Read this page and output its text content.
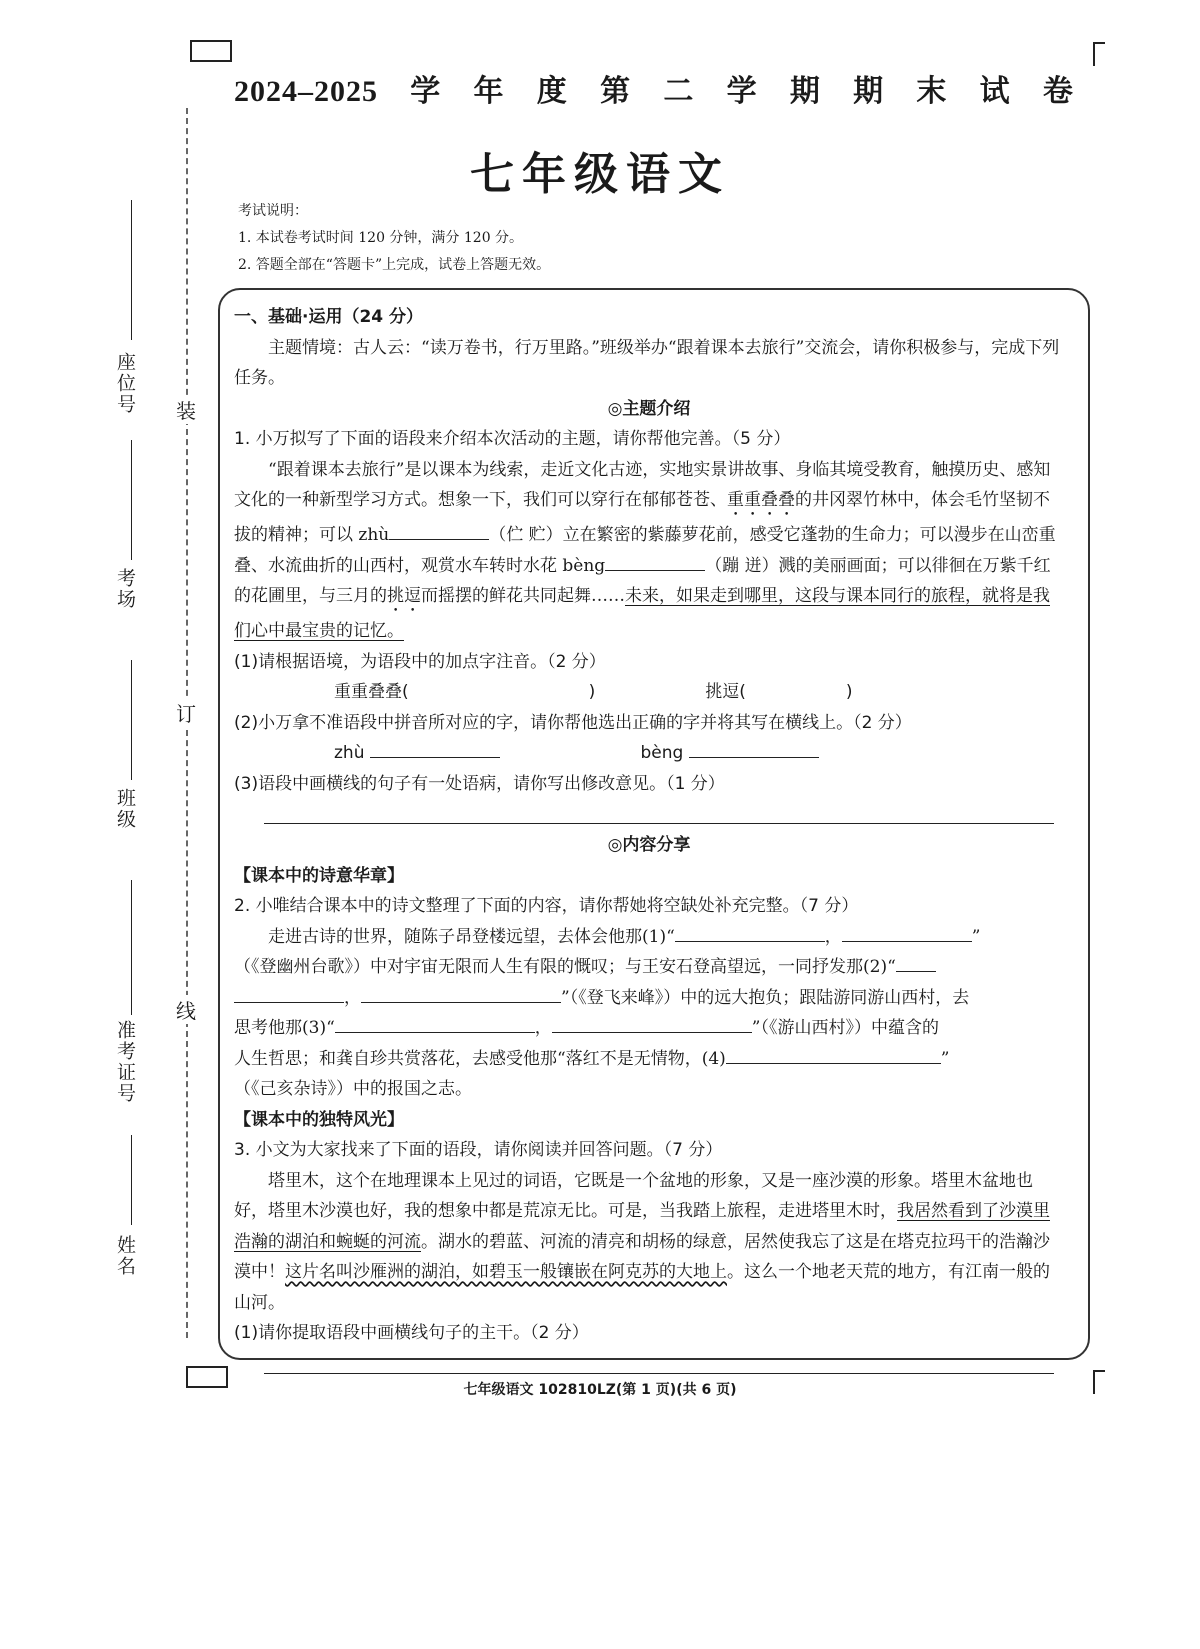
2024–2025 学 年 度 第 二 学 期 期 末 试 卷
七年级语文
考试说明：
1. 本试卷考试时间 120 分钟，满分 120 分。
2. 答题全部在“答题卡”上完成，试卷上答题无效。
装
订
线
座位号
考场
班级
准考证号
姓名

一、基础·运用（24 分）

主题情境：古人云：“读万卷书，行万里路。”班级举办“跟着课本去旅行”交流会，请你积极参与，完成下列任务。

◎主题介绍

1. 小万拟写了下面的语段来介绍本次活动的主题，请你帮他完善。（5 分）

“跟着课本去旅行”是以课本为线索，走近文化古迹，实地实景讲故事、身临其境受教育，触摸历史、感知文化的一种新型学习方式。想象一下，我们可以穿行在郁郁苍苍、重重叠叠的井冈翠竹林中，体会毛竹坚韧不拔的精神；可以 zhù	（伫 贮）立在繁密的紫藤萝花前，感受它蓬勃的生命力；可以漫步在山峦重叠、水流曲折的山西村，观赏水车转时水花 bèng	（蹦 迸）溅的美丽画面；可以徘徊在万紫千红的花圃里，与三月的挑逗而摇摆的鲜花共同起舞……未来，如果走到哪里，这段与课本同行的旅程，就将是我们心中最宝贵的记忆。

(1)请根据语境，为语段中的加点字注音。（2 分）

重重叠叠(	)	挑逗(	)

(2)小万拿不准语段中拼音所对应的字，请你帮他选出正确的字并将其写在横线上。（2 分）

zhù	bèng

(3)语段中画横线的句子有一处语病，请你写出修改意见。（1 分）

◎内容分享

【课本中的诗意华章】

2. 小唯结合课本中的诗文整理了下面的内容，请你帮她将空缺处补充完整。（7 分）

走进古诗的世界，随陈子昂登楼远望，去体会他那(1)“	，	”

（《登幽州台歌》）中对宇宙无限而人生有限的慨叹；与王安石登高望远，一同抒发那(2)“

，	”（《登飞来峰》）中的远大抱负；跟陆游同游山西村，去

思考他那(3)“	，	”（《游山西村》）中蕴含的

人生哲思；和龚自珍共赏落花，去感受他那“落红不是无情物，(4)	”

（《己亥杂诗》）中的报国之志。

【课本中的独特风光】

3. 小文为大家找来了下面的语段，请你阅读并回答问题。（7 分）

塔里木，这个在地理课本上见过的词语，它既是一个盆地的形象，又是一座沙漠的形象。塔里木盆地也好，塔里木沙漠也好，我的想象中都是荒凉无比。可是，当我踏上旅程，走进塔里木时，我居然看到了沙漠里浩瀚的湖泊和蜿蜒的河流。湖水的碧蓝、河流的清亮和胡杨的绿意，居然使我忘了这是在塔克拉玛干的浩瀚沙漠中！这片名叫沙雁洲的湖泊，如碧玉一般镶嵌在阿克苏的大地上。这么一个地老天荒的地方，有江南一般的山河。

(1)请你提取语段中画横线句子的主干。（2 分）

七年级语文 102810LZ(第 1 页)(共 6 页)
